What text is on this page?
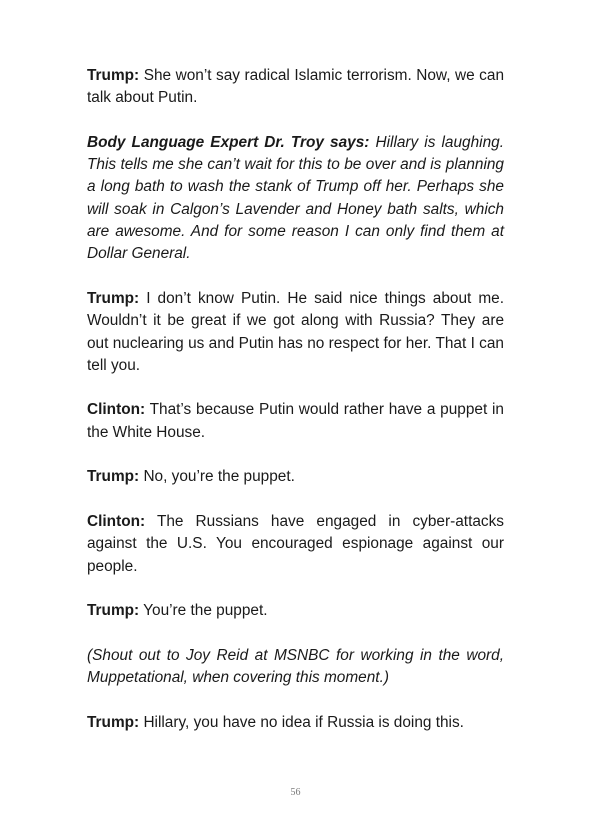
Trump: She won’t say radical Islamic terrorism. Now, we can talk about Putin.

Body Language Expert Dr. Troy says: Hillary is laughing. This tells me she can’t wait for this to be over and is planning a long bath to wash the stank of Trump off her. Perhaps she will soak in Calgon’s Lavender and Honey bath salts, which are awesome. And for some reason I can only find them at Dollar General.

Trump: I don’t know Putin. He said nice things about me. Wouldn’t it be great if we got along with Russia? They are out nuclearing us and Putin has no respect for her. That I can tell you.

Clinton: That’s because Putin would rather have a puppet in the White House.

Trump: No, you’re the puppet.

Clinton: The Russians have engaged in cyber-attacks against the U.S. You encouraged espionage against our people.

Trump: You’re the puppet.

(Shout out to Joy Reid at MSNBC for working in the word, Muppetational, when covering this moment.)

Trump: Hillary, you have no idea if Russia is doing this.

56
